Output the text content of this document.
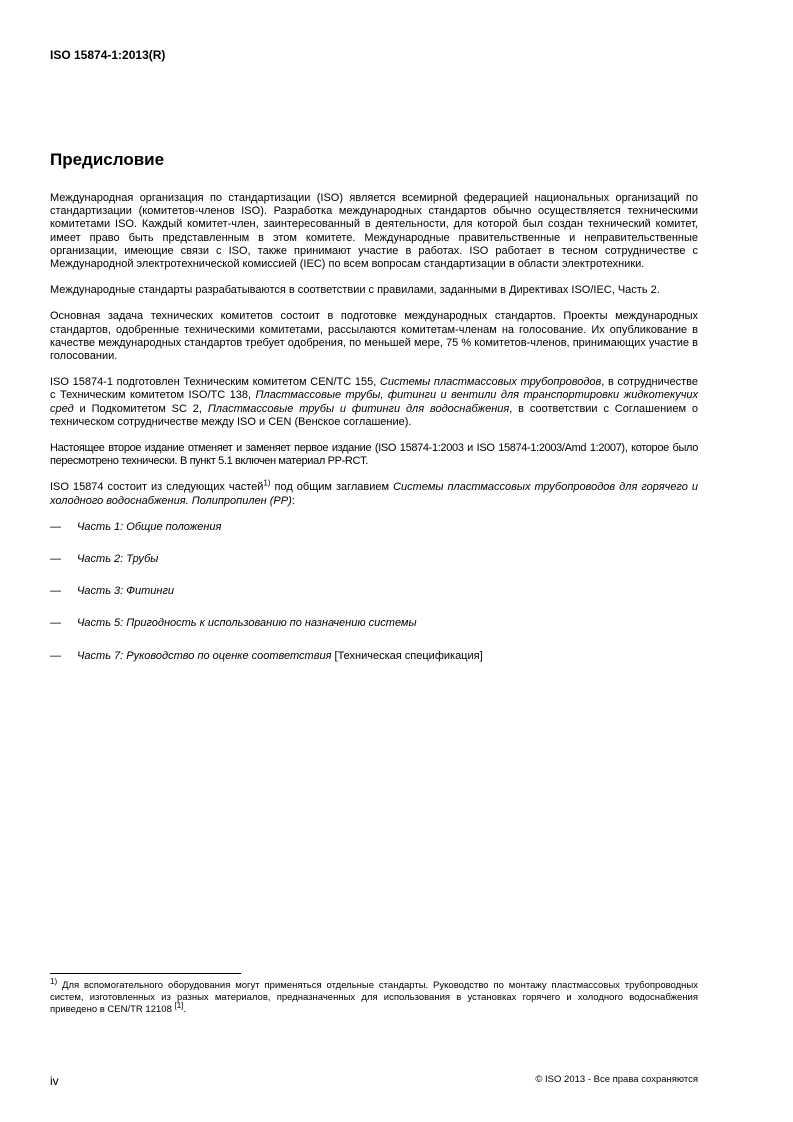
ISO 15874-1:2013(R)
Предисловие

Международная организация по стандартизации (ISO) является всемирной федерацией национальных организаций по стандартизации (комитетов-членов ISO). Разработка международных стандартов обычно осуществляется техническими комитетами ISO. Каждый комитет-член, заинтересованный в деятельности, для которой был создан технический комитет, имеет право быть представленным в этом комитете. Международные правительственные и неправительственные организации, имеющие связи с ISO, также принимают участие в работах. ISO работает в тесном сотрудничестве с Международной электротехнической комиссией (IEC) по всем вопросам стандартизации в области электротехники.

Международные стандарты разрабатываются в соответствии с правилами, заданными в Директивах ISO/IEC, Часть 2.

Основная задача технических комитетов состоит в подготовке международных стандартов. Проекты международных стандартов, одобренные техническими комитетами, рассылаются комитетам-членам на голосование. Их опубликование в качестве международных стандартов требует одобрения, по меньшей мере, 75 % комитетов-членов, принимающих участие в голосовании.

ISO 15874-1 подготовлен Техническим комитетом CEN/TC 155, Системы пластмассовых трубопроводов, в сотрудничестве с Техническим комитетом ISO/TC 138, Пластмассовые трубы, фитинги и вентили для транспортировки жидкотекучих сред и Подкомитетом SC 2, Пластмассовые трубы и фитинги для водоснабжения, в соответствии с Соглашением о техническом сотрудничестве между ISO и CEN (Венское соглашение).

Настоящее второе издание отменяет и заменяет первое издание (ISO 15874-1:2003 и ISO 15874-1:2003/Amd 1:2007), которое было пересмотрено технически. В пункт 5.1 включен материал PP-RCT.

ISO 15874 состоит из следующих частей$^{1)}$ под общим заглавием Системы пластмассовых трубопроводов для горячего и холодного водоснабжения. Полипропилен (PP):

—	Часть 1: Общие положения
—	Часть 2: Трубы
—	Часть 3: Фитинги
—	Часть 5: Пригодность к использованию по назначению системы
—	Часть 7: Руководство по оценке соответствия [Техническая спецификация]
$^{1)}$ Для вспомогательного оборудования могут применяться отдельные стандарты. Руководство по монтажу пластмассовых трубопроводных систем, изготовленных из разных материалов, предназначенных для использования в установках горячего и холодного водоснабжения приведено в CEN/TR 12108 [1].
iv	© ISO 2013 - Все права сохраняются
